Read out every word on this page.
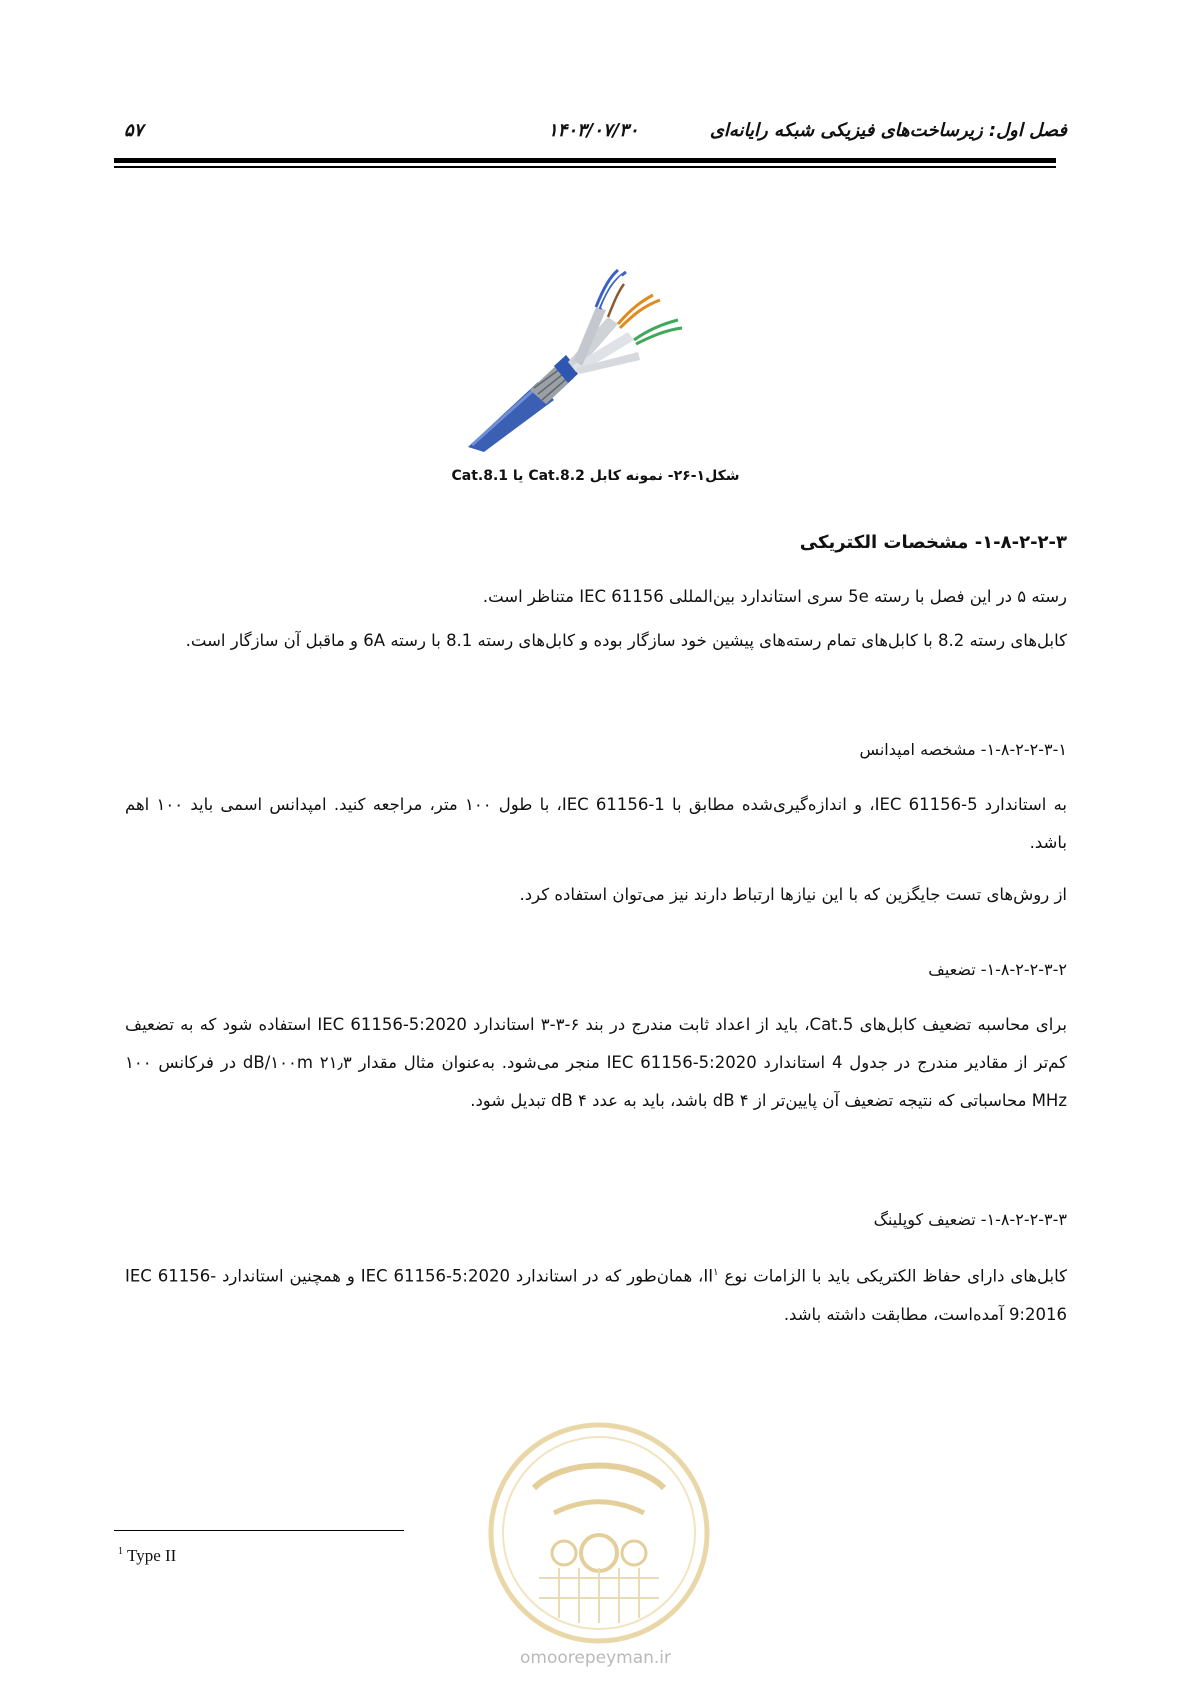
فصل اول: زیرساخت‌های فیزیکی شبکه رایانه‌ای
۱۴۰۳/۰۷/۳۰
۵۷
شکل۱-۲۶- نمونه کابل Cat.8.2 یا Cat.8.1
۱-۸-۲-۲-۳- مشخصات الکتریکی
رسته ۵ در این فصل با رسته 5e سری استاندارد بین‌المللی IEC 61156 متناظر است.
کابل‌های رسته 8.2 با کابل‌های تمام رسته‌های پیشین خود سازگار بوده و کابل‌های رسته 8.1 با رسته 6A و ماقبل آن سازگار است.
۱-۸-۲-۲-۳-۱- مشخصه امپدانس
به استاندارد IEC 61156-5، و اندازه‌گیری‌شده مطابق با IEC 61156-1، با طول ۱۰۰ متر، مراجعه کنید. امپدانس اسمی باید ۱۰۰ اهم باشد.
از روش‌های تست جایگزین که با این نیازها ارتباط دارند نیز می‌توان استفاده کرد.
۱-۸-۲-۲-۳-۲- تضعیف
برای محاسبه تضعیف کابل‌های Cat.5، باید از اعداد ثابت مندرج در بند ۶-۳-۳ استاندارد IEC 61156-5:2020 استفاده شود که به تضعیف کم‌تر از مقادیر مندرج در جدول 4 استاندارد IEC 61156-5:2020 منجر می‌شود. به‌عنوان مثال مقدار ۲۱٫۳ dB/۱۰۰m در فرکانس ۱۰۰ MHz محاسباتی که نتیجه تضعیف آن پایین‌تر از ۴ dB باشد، باید به عدد ۴ dB تبدیل شود.
۱-۸-۲-۲-۳-۳- تضعیف کوپلینگ
کابل‌های دارای حفاظ الکتریکی باید با الزامات نوع $II^۱،$ همان‌طور که در استاندارد IEC 61156-5:2020 و همچنین استاندارد IEC 61156-9:2016 آمده‌است، مطابقت داشته باشد.
omoorepeyman.ir
$^1$ Type II
